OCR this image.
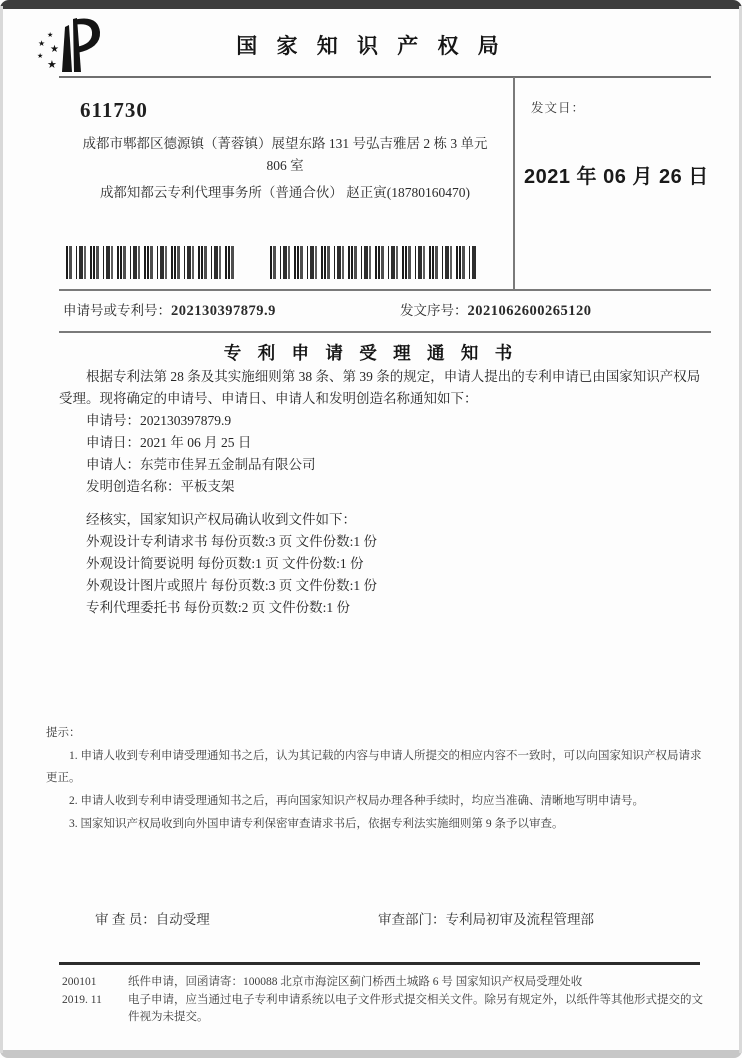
★
★
★
★
★
国 家 知 识 产 权 局
611730
成都市郫都区德源镇（菁蓉镇）展望东路 131 号弘吉雅居 2 栋 3 单元
806 室
成都知都云专利代理事务所（普通合伙） 赵正寅(18780160470)
发文日：
2021 年 06 月 26 日
申请号或专利号：202130397879.9	发文序号：2021062600265120
专 利 申 请 受 理 通 知 书

根据专利法第 28 条及其实施细则第 38 条、第 39 条的规定，申请人提出的专利申请已由国家知识产权局受理。现将确定的申请号、申请日、申请人和发明创造名称通知如下：

申请号：202130397879.9
申请日：2021 年 06 月 25 日
申请人：东莞市佳昇五金制品有限公司
发明创造名称：平板支架
经核实，国家知识产权局确认收到文件如下：
外观设计专利请求书 每份页数:3 页 文件份数:1 份
外观设计简要说明 每份页数:1 页 文件份数:1 份
外观设计图片或照片 每份页数:3 页 文件份数:1 份
专利代理委托书 每份页数:2 页 文件份数:1 份

提示：

1. 申请人收到专利申请受理通知书之后，认为其记载的内容与申请人所提交的相应内容不一致时，可以向国家知识产权局请求更正。

2. 申请人收到专利申请受理通知书之后，再向国家知识产权局办理各种手续时，均应当准确、清晰地写明申请号。

3. 国家知识产权局收到向外国申请专利保密审查请求书后，依据专利法实施细则第 9 条予以审查。

审 查 员：自动受理	审查部门：专利局初审及流程管理部
200101
2019. 11
纸件申请，回函请寄：100088 北京市海淀区蓟门桥西土城路 6 号 国家知识产权局受理处收
电子申请，应当通过电子专利申请系统以电子文件形式提交相关文件。除另有规定外，以纸件等其他形式提交的文件视为未提交。
